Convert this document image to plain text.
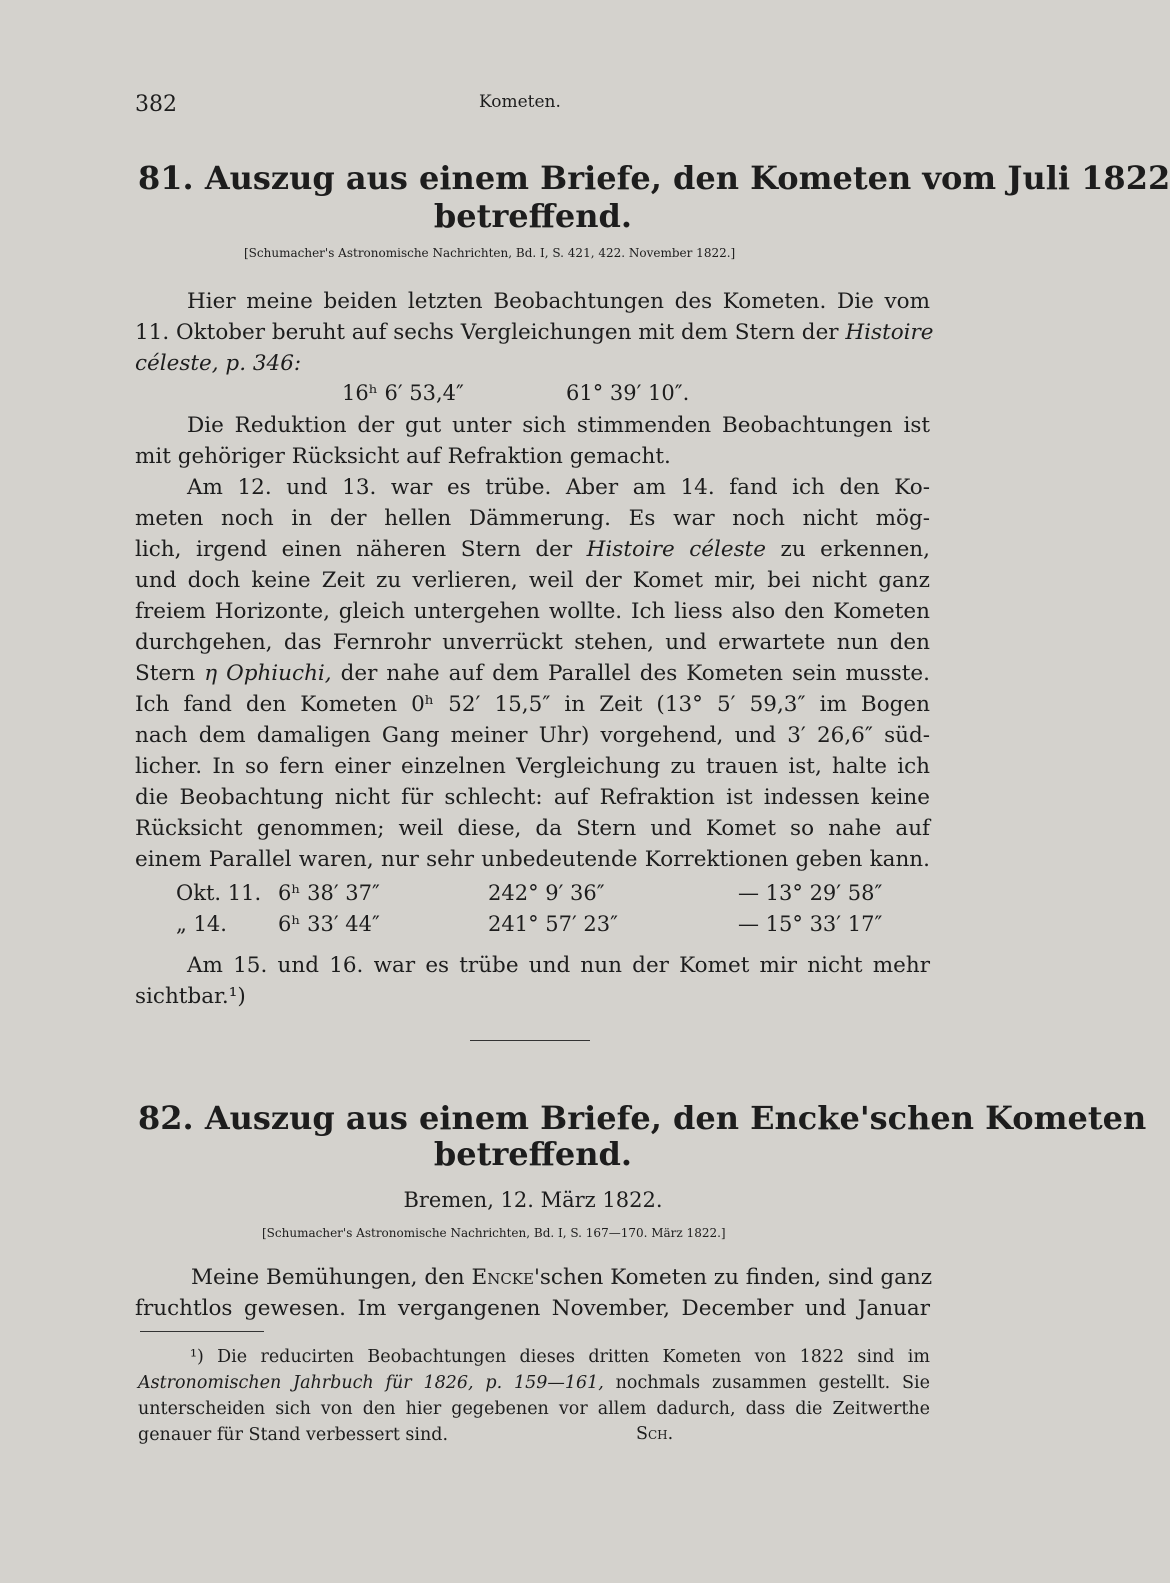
382	Kometen.
81. Auszug aus einem Briefe, den Kometen vom Juli 1822
betreffend.
[Schumacher's Astronomische Nachrichten, Bd. I, S. 421, 422. November 1822.]
Hier meine beiden letzten Beobachtungen des Kometen. Die vom
11. Oktober beruht auf sechs Vergleichungen mit dem Stern der Histoire
céleste, p. 346:
16ʰ 6′ 53,4″	61° 39′ 10″.
Die Reduktion der gut unter sich stimmenden Beobachtungen ist
mit gehöriger Rücksicht auf Refraktion gemacht.
Am 12. und 13. war es trübe. Aber am 14. fand ich den Ko-
meten noch in der hellen Dämmerung. Es war noch nicht mög-
lich, irgend einen näheren Stern der Histoire céleste zu erkennen,
und doch keine Zeit zu verlieren, weil der Komet mir, bei nicht ganz
freiem Horizonte, gleich untergehen wollte. Ich liess also den Kometen
durchgehen, das Fernrohr unverrückt stehen, und erwartete nun den
Stern η Ophiuchi, der nahe auf dem Parallel des Kometen sein musste.
Ich fand den Kometen 0ʰ 52′ 15,5″ in Zeit (13° 5′ 59,3″ im Bogen
nach dem damaligen Gang meiner Uhr) vorgehend, und 3′ 26,6″ süd-
licher. In so fern einer einzelnen Vergleichung zu trauen ist, halte ich
die Beobachtung nicht für schlecht: auf Refraktion ist indessen keine
Rücksicht genommen; weil diese, da Stern und Komet so nahe auf
einem Parallel waren, nur sehr unbedeutende Korrektionen geben kann.
Okt. 11. 6ʰ 38′ 37″	242° 9′ 36″	— 13° 29′ 58″
„ 14. 6ʰ 33′ 44″	241° 57′ 23″	— 15° 33′ 17″
Am 15. und 16. war es trübe und nun der Komet mir nicht mehr
sichtbar.¹)
82. Auszug aus einem Briefe, den Encke'schen Kometen
betreffend.
Bremen, 12. März 1822.
[Schumacher's Astronomische Nachrichten, Bd. I, S. 167—170. März 1822.]
Meine Bemühungen, den Encke'schen Kometen zu finden, sind ganz
fruchtlos gewesen. Im vergangenen November, December und Januar
¹) Die reducirten Beobachtungen dieses dritten Kometen von 1822 sind im
Astronomischen Jahrbuch für 1826, p. 159—161, nochmals zusammen gestellt. Sie
unterscheiden sich von den hier gegebenen vor allem dadurch, dass die Zeitwerthe
genauer für Stand verbessert sind.	Sch.
